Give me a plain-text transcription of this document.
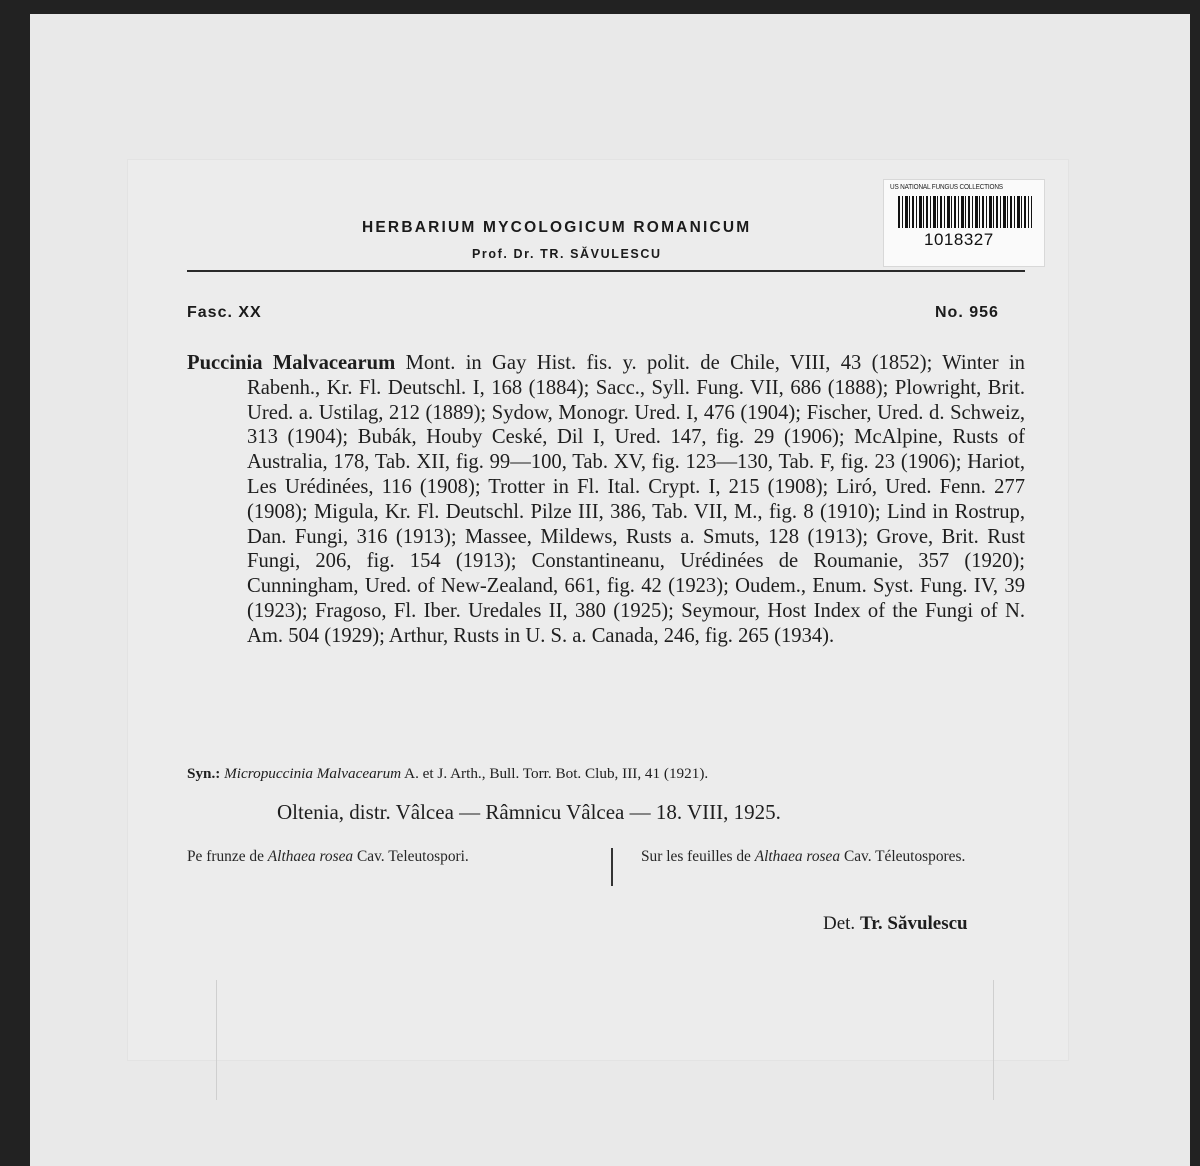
US NATIONAL FUNGUS COLLECTIONS
1018327
HERBARIUM MYCOLOGICUM ROMANICUM
Prof. Dr. TR. SĂVULESCU
Fasc. XX	No. 956
Puccinia Malvacearum Mont. in Gay Hist. fis. y. polit. de Chile, VIII, 43 (1852); Winter in Rabenh., Kr. Fl. Deutschl. I, 168 (1884); Sacc., Syll. Fung. VII, 686 (1888); Plowright, Brit. Ured. a. Ustilag, 212 (1889); Sydow, Monogr. Ured. I, 476 (1904); Fischer, Ured. d. Schweiz, 313 (1904); Bubák, Houby Ceské, Dil I, Ured. 147, fig. 29 (1906); McAlpine, Rusts of Australia, 178, Tab. XII, fig. 99—100, Tab. XV, fig. 123—130, Tab. F, fig. 23 (1906); Hariot, Les Urédinées, 116 (1908); Trotter in Fl. Ital. Crypt. I, 215 (1908); Liró, Ured. Fenn. 277 (1908); Migula, Kr. Fl. Deutschl. Pilze III, 386, Tab. VII, M., fig. 8 (1910); Lind in Rostrup, Dan. Fungi, 316 (1913); Massee, Mildews, Rusts a. Smuts, 128 (1913); Grove, Brit. Rust Fungi, 206, fig. 154 (1913); Constantineanu, Urédinées de Roumanie, 357 (1920); Cunningham, Ured. of New-Zealand, 661, fig. 42 (1923); Oudem., Enum. Syst. Fung. IV, 39 (1923); Fragoso, Fl. Iber. Uredales II, 380 (1925); Seymour, Host Index of the Fungi of N. Am. 504 (1929); Arthur, Rusts in U. S. a. Canada, 246, fig. 265 (1934).
Syn.: Micropuccinia Malvacearum A. et J. Arth., Bull. Torr. Bot. Club, III, 41 (1921).
Oltenia, distr. Vâlcea — Râmnicu Vâlcea — 18. VIII, 1925.
Pe frunze de Althaea rosea Cav. Teleutospori.	Sur les feuilles de Althaea rosea Cav. Téleutospores.
Det. Tr. Săvulescu
